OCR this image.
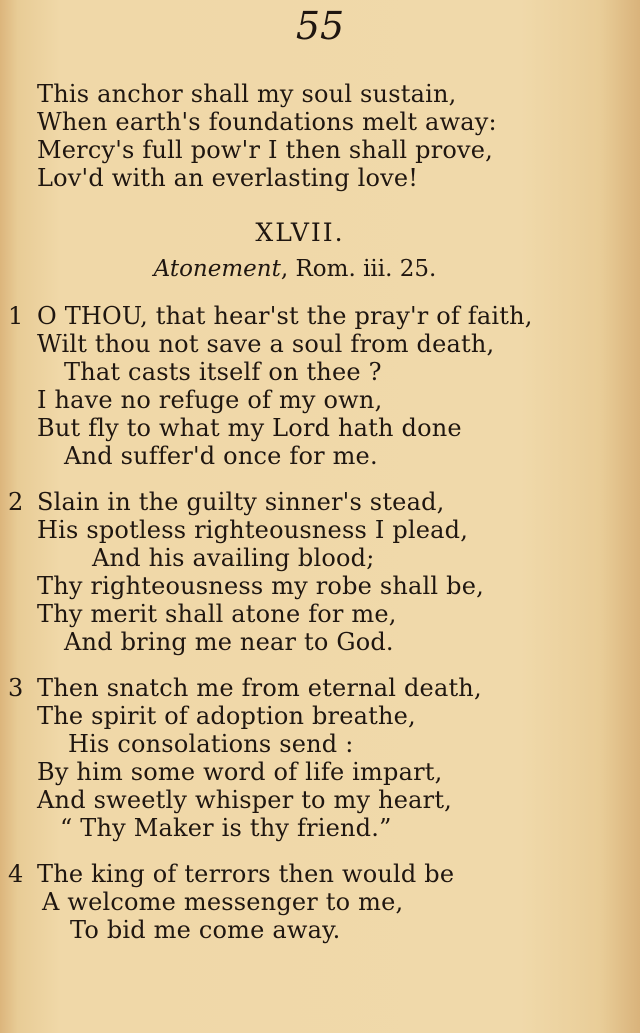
55
This anchor shall my soul sustain,
When earth's foundations melt away:
Mercy's full pow'r I then shall prove,
Lov'd with an everlasting love!
XLVII.
Atonement, Rom. iii. 25.
1 O THOU, that hear'st the pray'r of faith,
Wilt thou not save a soul from death,
That casts itself on thee ?
I have no refuge of my own,
But fly to what my Lord hath done
And suffer'd once for me.
2 Slain in the guilty sinner's stead,
His spotless righteousness I plead,
And his availing blood;
Thy righteousness my robe shall be,
Thy merit shall atone for me,
And bring me near to God.
3 Then snatch me from eternal death,
The spirit of adoption breathe,
His consolations send :
By him some word of life impart,
And sweetly whisper to my heart,
“ Thy Maker is thy friend.”
4 The king of terrors then would be
A welcome messenger to me,
To bid me come away.
